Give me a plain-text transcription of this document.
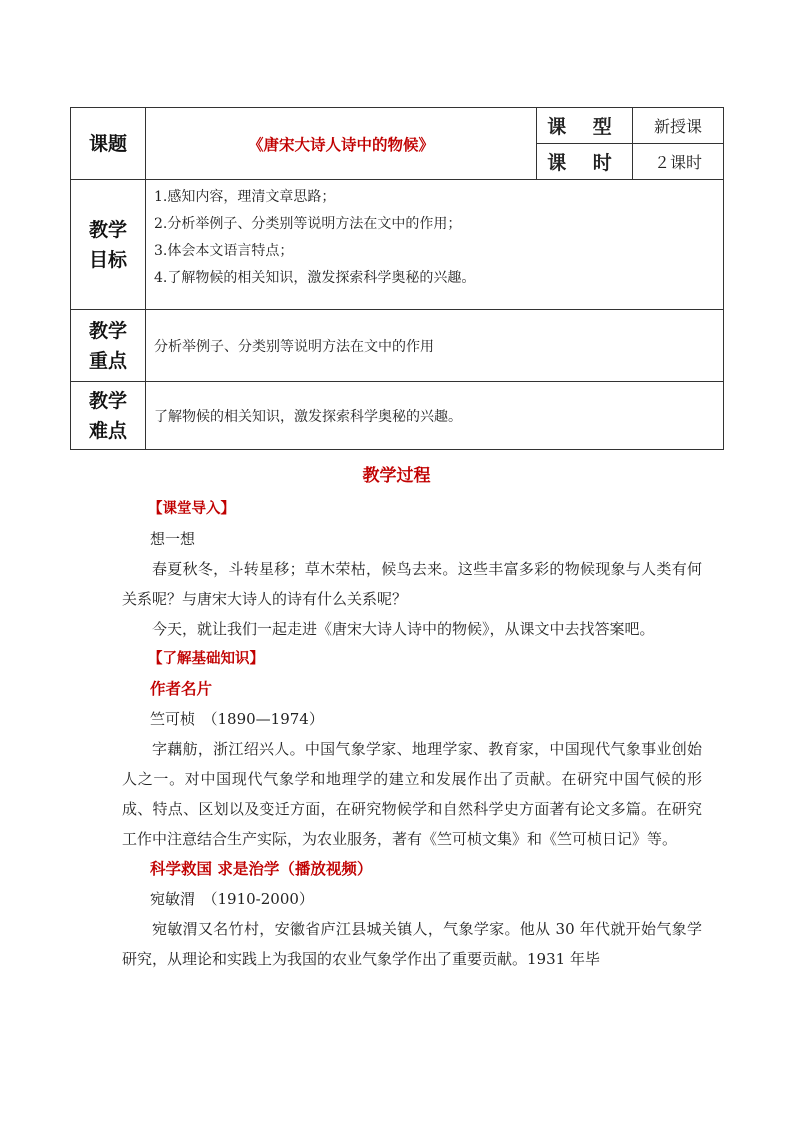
课题	《唐宋大诗人诗中的物候》	课 型	新授课
		课 时	２课时

教学目标	1.感知内容，理清文章思路；
2.分析举例子、分类别等说明方法在文中的作用；
3.体会本文语言特点；
4.了解物候的相关知识，激发探索科学奥秘的兴趣。		

教学重点	分析举例子、分类别等说明方法在文中的作用		

教学难点	了解物候的相关知识，激发探索科学奥秘的兴趣。		
教学过程
【课堂导入】

想一想

春夏秋冬，斗转星移；草木荣枯，候鸟去来。这些丰富多彩的物候现象与人类有何关系呢？与唐宋大诗人的诗有什么关系呢？

今天，就让我们一起走进《唐宋大诗人诗中的物候》，从课文中去找答案吧。

【了解基础知识】
作者名片

竺可桢　（1890—1974）

字藕舫，浙江绍兴人。中国气象学家、地理学家、教育家，中国现代气象事业创始人之一。对中国现代气象学和地理学的建立和发展作出了贡献。在研究中国气候的形成、特点、区划以及变迁方面，在研究物候学和自然科学史方面著有论文多篇。在研究工作中注意结合生产实际，为农业服务，著有《竺可桢文集》和《竺可桢日记》等。

科学救国 求是治学（播放视频）

宛敏渭　（1910-2000）

宛敏渭又名竹村，安徽省庐江县城关镇人，气象学家。他从 30 年代就开始气象学研究，从理论和实践上为我国的农业气象学作出了重要贡献。1931 年毕
